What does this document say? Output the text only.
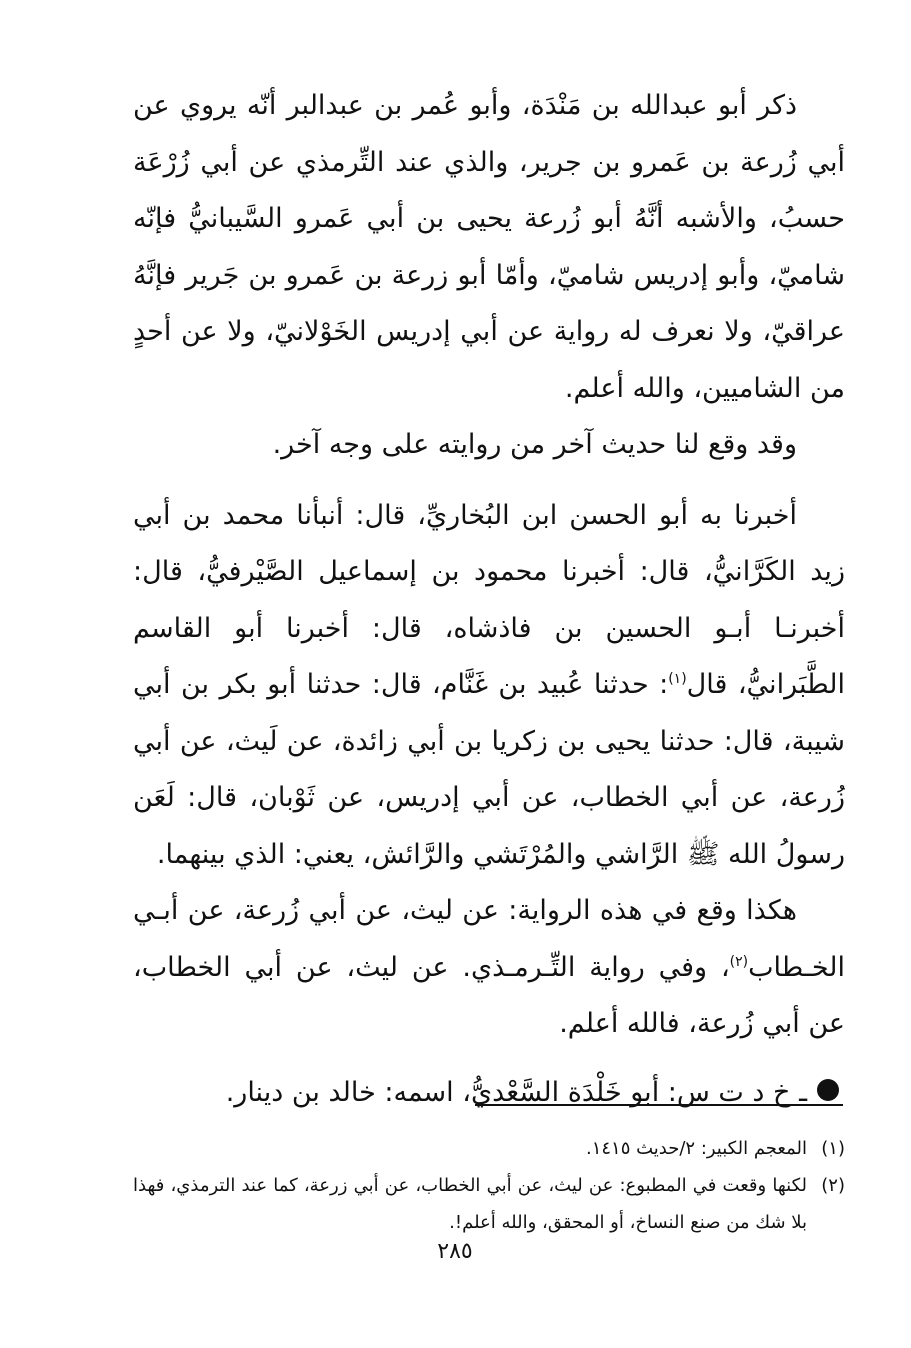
ذكر أبو عبدالله بن مَنْدَة، وأبو عُمر بن عبدالبر أنّه يروي عن أبي زُرعة بن عَمرو بن جرير، والذي عند التِّرمذي عن أبي زُرْعَة حسبُ، والأشبه أنَّهُ أبو زُرعة يحيى بن أبي عَمرو السَّيبانيُّ فإنّه شاميّ، وأبو إدريس شاميّ، وأمّا أبو زرعة بن عَمرو بن جَرير فإنَّهُ عراقيّ، ولا نعرف له رواية عن أبي إدريس الخَوْلانيّ، ولا عن أحدٍ من الشاميين، والله أعلم.

وقد وقع لنا حديث آخر من روايته على وجه آخر.

أخبرنا به أبو الحسن ابن البُخاريِّ، قال: أنبأنا محمد بن أبي زيد الكَرَّانيُّ، قال: أخبرنا محمود بن إسماعيل الصَّيْرفيُّ، قال: أخبرنـا أبـو الحسين بن فاذشاه، قال: أخبرنا أبو القاسم الطَّبَرانيُّ، قال$^{(١)}$: حدثنا عُبيد بن غَنَّام، قال: حدثنا أبو بكر بن أبي شيبة، قال: حدثنا يحيى بن زكريا بن أبي زائدة، عن لَيث، عن أبي زُرعة، عن أبي الخطاب، عن أبي إدريس، عن ثَوْبان، قال: لَعَن رسولُ الله ﷺ الرَّاشي والمُرْتَشي والرَّائش، يعني: الذي بينهما.

هكذا وقع في هذه الرواية: عن ليث، عن أبي زُرعة، عن أبـي الخـطاب$^{(٢)}$، وفي رواية التِّـرمـذي. عن ليث، عن أبي الخطاب، عن أبي زُرعة، فالله أعلم.

ـ خ د ت س: أبو خَلْدَة السَّعْديُّ، اسمه: خالد بن دينار.

(١)
المعجم الكبير: ٢/حديث ١٤١٥.
(٢)
لكنها وقعت في المطبوع: عن ليث، عن أبي الخطاب، عن أبي زرعة، كما عند الترمذي، فهذا بلا شك من صنع النساخ، أو المحقق، والله أعلم!.
٢٨٥
